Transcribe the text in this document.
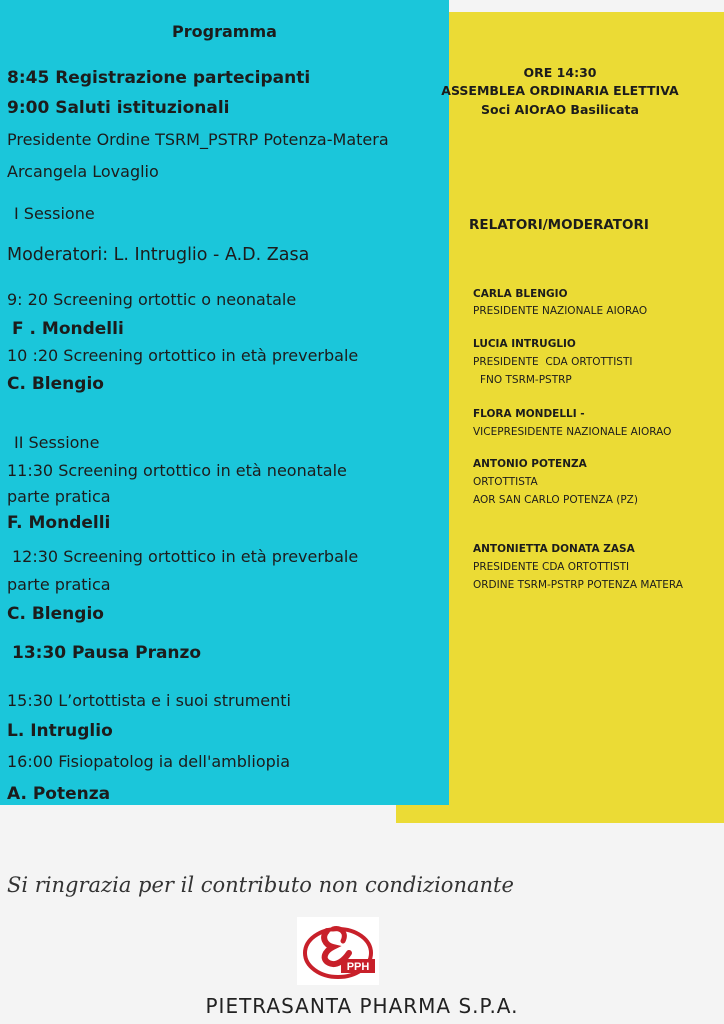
Programma
8:45 Registrazione partecipanti
9:00 Saluti istituzionali
Presidente Ordine TSRM_PSTRP Potenza-Matera
Arcangela Lovaglio
I Sessione
Moderatori: L. Intruglio - A.D. Zasa
9: 20 Screening ortottic o neonatale
F . Mondelli
10 :20 Screening ortottico in età preverbale
C. Blengio
II Sessione
11:30 Screening ortottico in età neonatale
parte pratica
F. Mondelli
12:30 Screening ortottico in età preverbale
parte pratica
C. Blengio
13:30 Pausa Pranzo
15:30 L’ortottista e i suoi strumenti
L. Intruglio
16:00 Fisiopatolog ia dell'ambliopia
A. Potenza
ORE 14:30
ASSEMBLEA ORDINARIA ELETTIVA
Soci AIOrAO Basilicata
RELATORI/MODERATORI
CARLA BLENGIO
PRESIDENTE NAZIONALE AIORAO
LUCIA INTRUGLIO
PRESIDENTE  CDA ORTOTTISTI
FNO TSRM-PSTRP
FLORA MONDELLI -
VICEPRESIDENTE NAZIONALE AIORAO
ANTONIO POTENZA
ORTOTTISTA
AOR SAN CARLO POTENZA (PZ)
ANTONIETTA DONATA ZASA
PRESIDENTE CDA ORTOTTISTI
ORDINE TSRM-PSTRP POTENZA MATERA
Si ringrazia per il contributo non condizionante
PPH
PIETRASANTA PHARMA S.P.A.
